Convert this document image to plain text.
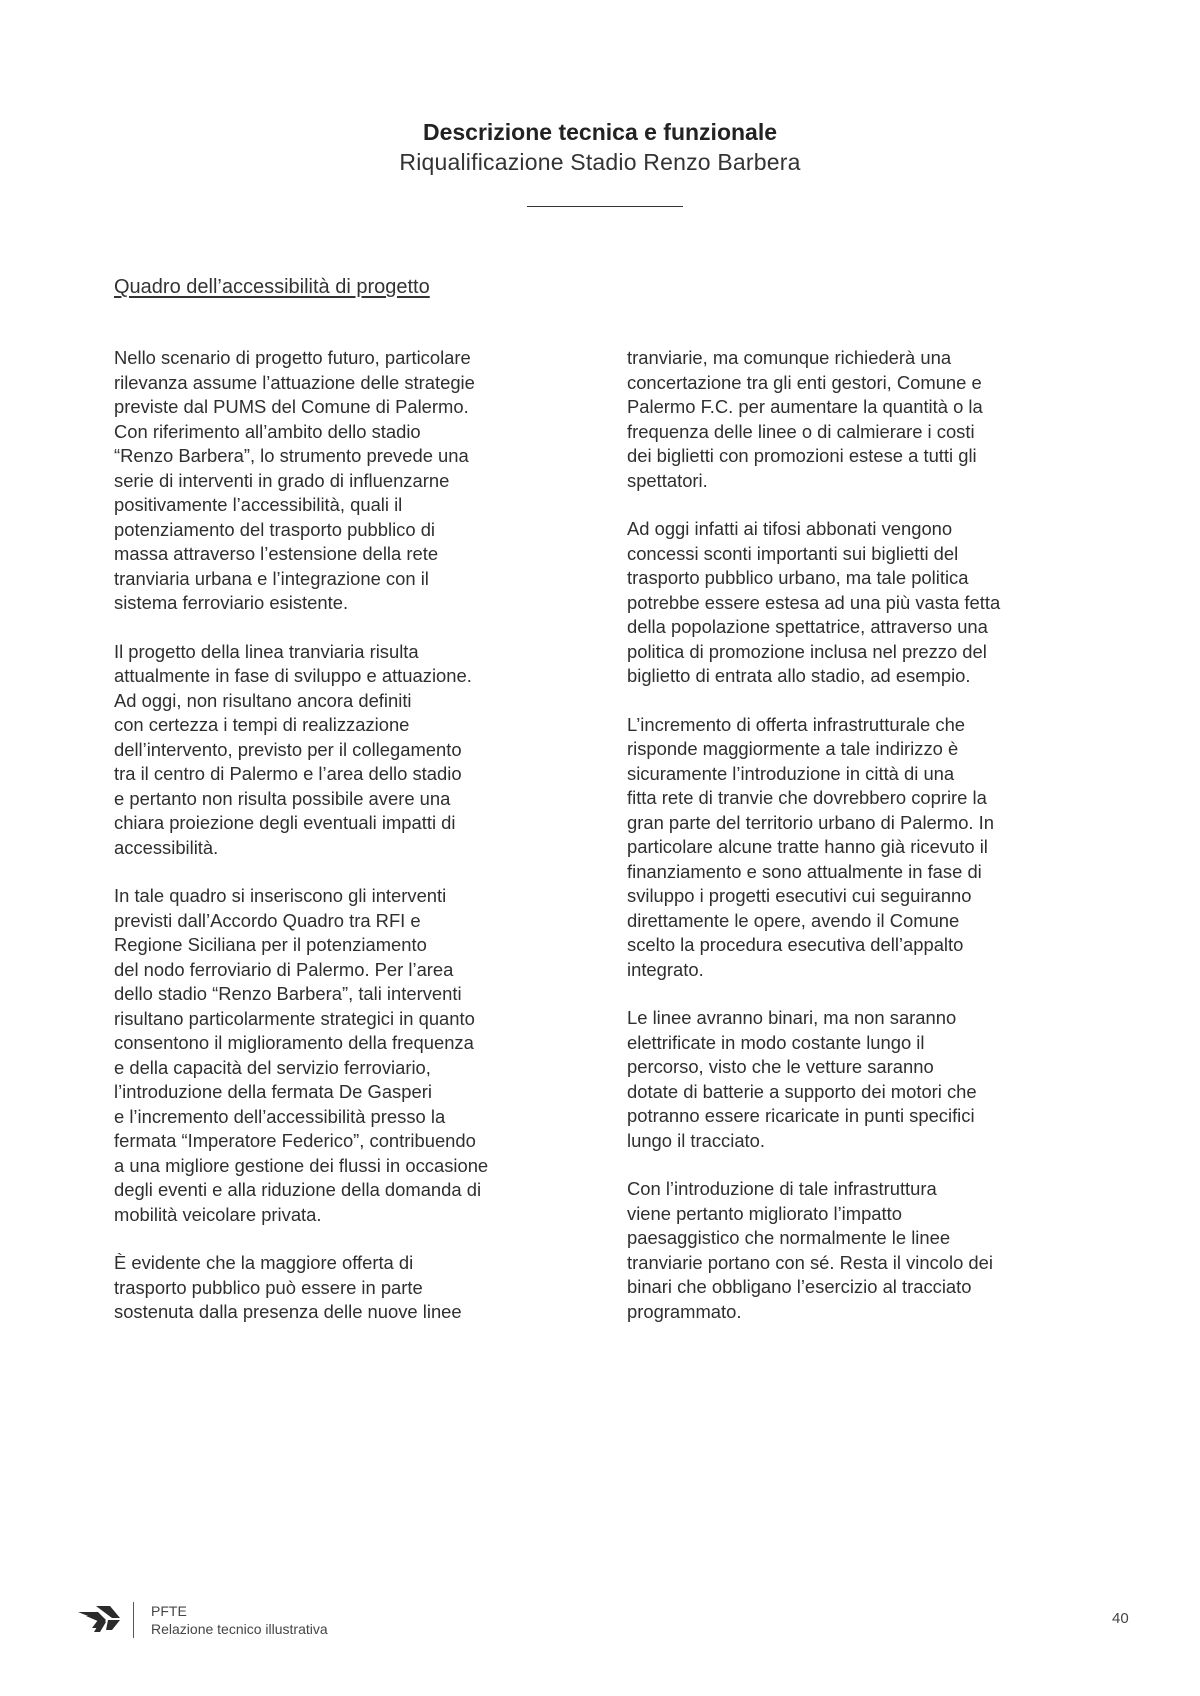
Descrizione tecnica e funzionale
Riqualificazione Stadio Renzo Barbera
Quadro dell’accessibilità di progetto

Nello scenario di progetto futuro, particolare
rilevanza assume l’attuazione delle strategie
previste dal PUMS del Comune di Palermo.
Con riferimento all’ambito dello stadio
“Renzo Barbera”, lo strumento prevede una
serie di interventi in grado di influenzarne
positivamente l’accessibilità, quali il
potenziamento del trasporto pubblico di
massa attraverso l’estensione della rete
tranviaria urbana e l’integrazione con il
sistema ferroviario esistente.

Il progetto della linea tranviaria risulta
attualmente in fase di sviluppo e attuazione.
Ad oggi, non risultano ancora definiti
con certezza i tempi di realizzazione
dell’intervento, previsto per il collegamento
tra il centro di Palermo e l’area dello stadio
e pertanto non risulta possibile avere una
chiara proiezione degli eventuali impatti di
accessibilità.

In tale quadro si inseriscono gli interventi
previsti dall’Accordo Quadro tra RFI e
Regione Siciliana per il potenziamento
del nodo ferroviario di Palermo. Per l’area
dello stadio “Renzo Barbera”, tali interventi
risultano particolarmente strategici in quanto
consentono il miglioramento della frequenza
e della capacità del servizio ferroviario,
l’introduzione della fermata De Gasperi
e l’incremento dell’accessibilità presso la
fermata “Imperatore Federico”, contribuendo
a una migliore gestione dei flussi in occasione
degli eventi e alla riduzione della domanda di
mobilità veicolare privata.

È evidente che la maggiore offerta di
trasporto pubblico può essere in parte
sostenuta dalla presenza delle nuove linee

tranviarie, ma comunque richiederà una
concertazione tra gli enti gestori, Comune e
Palermo F.C. per aumentare la quantità o la
frequenza delle linee o di calmierare i costi
dei biglietti con promozioni estese a tutti gli
spettatori.

Ad oggi infatti ai tifosi abbonati vengono
concessi sconti importanti sui biglietti del
trasporto pubblico urbano, ma tale politica
potrebbe essere estesa ad una più vasta fetta
della popolazione spettatrice, attraverso una
politica di promozione inclusa nel prezzo del
biglietto di entrata allo stadio, ad esempio.

L’incremento di offerta infrastrutturale che
risponde maggiormente a tale indirizzo è
sicuramente l’introduzione in città di una
fitta rete di tranvie che dovrebbero coprire la
gran parte del territorio urbano di Palermo. In
particolare alcune tratte hanno già ricevuto il
finanziamento e sono attualmente in fase di
sviluppo i progetti esecutivi cui seguiranno
direttamente le opere, avendo il Comune
scelto la procedura esecutiva dell’appalto
integrato.

Le linee avranno binari, ma non saranno
elettrificate in modo costante lungo il
percorso, visto che le vetture saranno
dotate di batterie a supporto dei motori che
potranno essere ricaricate in punti specifici
lungo il tracciato.

Con l’introduzione di tale infrastruttura
viene pertanto migliorato l’impatto
paesaggistico che normalmente le linee
tranviarie portano con sé. Resta il vincolo dei
binari che obbligano l’esercizio al tracciato
programmato.

PFTE
Relazione tecnico illustrativa
40
